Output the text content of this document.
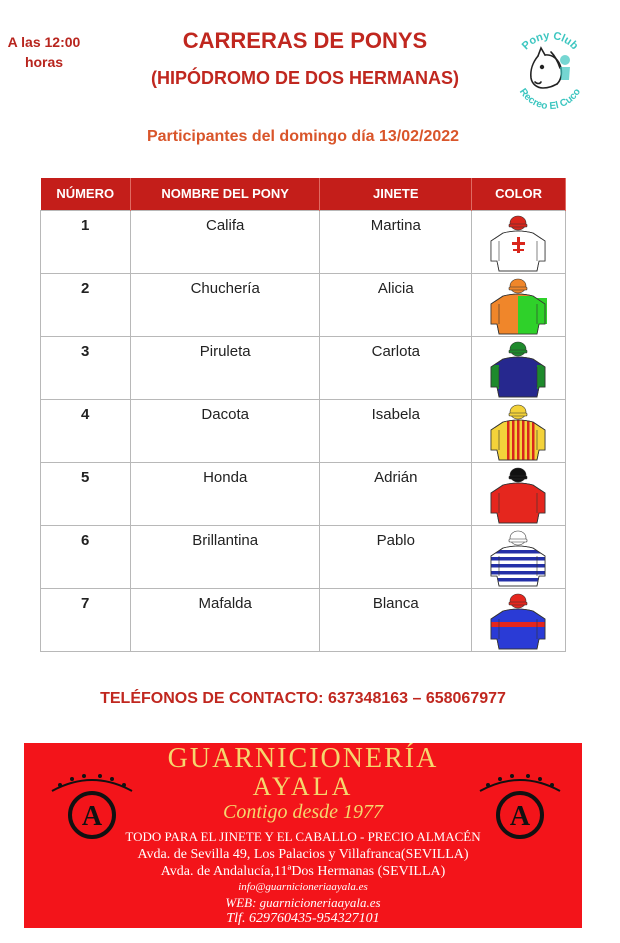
A las 12:00
horas
CARRERAS DE PONYS
(HIPÓDROMO DE DOS HERMANAS)
Pony Club
Recreo El Cuco
Participantes del domingo día 13/02/2022
NÚMERO	NOMBRE DEL PONY	JINETE	COLOR
1	Califa	Martina	

2	Chuchería	Alicia	

3	Piruleta	Carlota	

4	Dacota	Isabela	

5	Honda	Adrián	

6	Brillantina	Pablo	

7	Mafalda	Blanca	
TELÉFONOS DE CONTACTO: 637348163 – 658067977
GUARNICIONERÍA
AYALA
Contigo desde 1977
A	A
TODO PARA EL JINETE Y EL CABALLO - PRECIO ALMACÉN
Avda. de Sevilla 49, Los Palacios y Villafranca(SEVILLA)
Avda. de Andalucía,11ªDos Hermanas (SEVILLA)
info@guarnicioneriaayala.es
WEB: guarnicioneriaayala.es
Tlf. 629760435-954327101
